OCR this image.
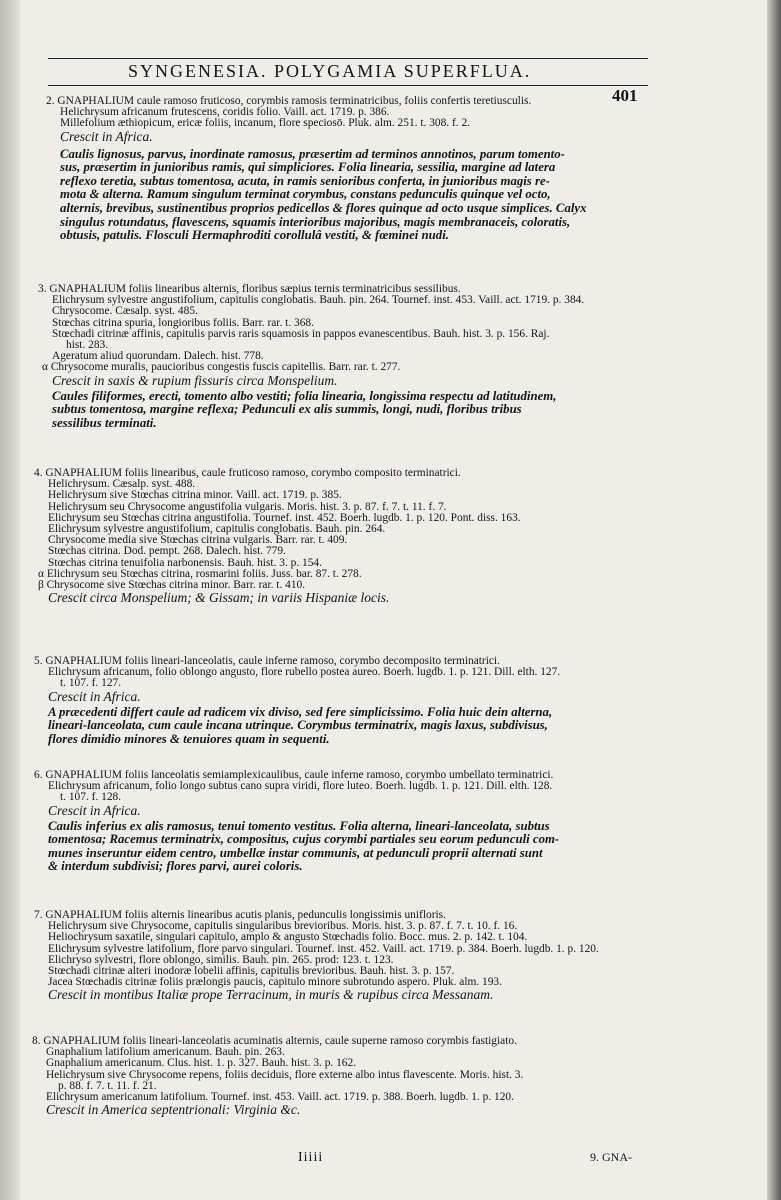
SYNGENESIA. POLYGAMIA SUPERFLUA.
401
2. GNAPHALIUM caule ramoso fruticoso, corymbis ramosis terminatricibus, foliis confertis teretiusculis.
Helichrysum africanum frutescens, coridis folio. Vaill. act. 1719. p. 386.
Millefolium æthiopicum, ericæ foliis, incanum, flore speciosō. Pluk. alm. 251. t. 308. f. 2.
Crescit in Africa.
Caulis lignosus, parvus, inordinate ramosus, præsertim ad terminos annotinos, parum tomento-
sus, præsertim in junioribus ramis, qui simpliciores. Folia linearia, sessilia, margine ad latera
reflexo teretia, subtus tomentosa, acuta, in ramis senioribus conferta, in junioribus magis re-
mota & alterna. Ramum singulum terminat corymbus, constans pedunculis quinque vel octo,
alternis, brevibus, sustinentibus proprios pedicellos & flores quinque ad octo usque simplices. Calyx
singulus rotundatus, flavescens, squamis interioribus majoribus, magis membranaceis, coloratis,
obtusis, patulis. Flosculi Hermaphroditi corollulâ vestiti, & fœminei nudi.
3. GNAPHALIUM foliis linearibus alternis, floribus sæpius ternis terminatricibus sessilibus.
Elichrysum sylvestre angustifolium, capitulis conglobatis. Bauh. pin. 264. Tournef. inst. 453. Vaill. act. 1719. p. 384.
Chrysocome. Cæsalp. syst. 485.
Stœchas citrina spuria, longioribus foliis. Barr. rar. t. 368.
Stœchadi citrinæ affinis, capitulis parvis raris squamosis in pappos evanescentibus. Bauh. hist. 3. p. 156. Raj.
hist. 283.
Ageratum aliud quorundam. Dalech. hist. 778.
α Chrysocome muralis, paucioribus congestis fuscis capitellis. Barr. rar. t. 277.
Crescit in saxis & rupium fissuris circa Monspelium.
Caules filiformes, erecti, tomento albo vestiti; folia linearia, longissima respectu ad latitudinem,
subtus tomentosa, margine reflexa; Pedunculi ex alis summis, longi, nudi, floribus tribus
sessilibus terminati.
4. GNAPHALIUM foliis linearibus, caule fruticoso ramoso, corymbo composito terminatrici.
Helichrysum. Cæsalp. syst. 488.
Helichrysum sive Stœchas citrina minor. Vaill. act. 1719. p. 385.
Helichrysum seu Chrysocome angustifolia vulgaris. Moris. hist. 3. p. 87. f. 7. t. 11. f. 7.
Elichrysum seu Stœchas citrina angustifolia. Tournef. inst. 452. Boerh. lugdb. 1. p. 120. Pont. diss. 163.
Elichrysum sylvestre angustifolium, capitulis conglobatis. Bauh. pin. 264.
Chrysocome media sive Stœchas citrina vulgaris. Barr. rar. t. 409.
Stœchas citrina. Dod. pempt. 268. Dalech. hist. 779.
Stœchas citrina tenuifolia narbonensis. Bauh. hist. 3. p. 154.
α Elichrysum seu Stœchas citrina, rosmarini foliis. Juss. bar. 87. t. 278.
β Chrysocome sive Stœchas citrina minor. Barr. rar. t. 410.
Crescit circa Monspelium; & Gissam; in variis Hispaniæ locis.
5. GNAPHALIUM foliis lineari-lanceolatis, caule inferne ramoso, corymbo decomposito terminatrici.
Elichrysum africanum, folio oblongo angusto, flore rubello postea aureo. Boerh. lugdb. 1. p. 121. Dill. elth. 127.
t. 107. f. 127.
Crescit in Africa.
A præcedenti differt caule ad radicem vix diviso, sed fere simplicissimo. Folia huic dein alterna,
lineari-lanceolata, cum caule incana utrinque. Corymbus terminatrix, magis laxus, subdivisus,
flores dimidio minores & tenuiores quam in sequenti.
6. GNAPHALIUM foliis lanceolatis semiamplexicaulibus, caule inferne ramoso, corymbo umbellato terminatrici.
Elichrysum africanum, folio longo subtus cano supra viridi, flore luteo. Boerh. lugdb. 1. p. 121. Dill. elth. 128.
t. 107. f. 128.
Crescit in Africa.
Caulis inferius ex alis ramosus, tenui tomento vestitus. Folia alterna, lineari-lanceolata, subtus
tomentosa; Racemus terminatrix, compositus, cujus corymbi partiales seu eorum pedunculi com-
munes inseruntur eidem centro, umbellæ instar communis, at pedunculi proprii alternati sunt
& interdum subdivisi; flores parvi, aurei coloris.
7. GNAPHALIUM foliis alternis linearibus acutis planis, pedunculis longissimis unifloris.
Helichrysum sive Chrysocome, capitulis singularibus brevioribus. Moris. hist. 3. p. 87. f. 7. t. 10. f. 16.
Heliochrysum saxatile, singulari capitulo, amplo & angusto Stœchadis folio. Bocc. mus. 2. p. 142. t. 104.
Elichrysum sylvestre latifolium, flore parvo singulari. Tournef. inst. 452. Vaill. act. 1719. p. 384. Boerh. lugdb. 1. p. 120.
Elichryso sylvestri, flore oblongo, similis. Bauh. pin. 265. prod: 123. t. 123.
Stœchadi citrinæ alteri inodoræ lobelii affinis, capitulis brevioribus. Bauh. hist. 3. p. 157.
Jacea Stœchadis citrinæ foliis prælongis paucis, capitulo minore subrotundo aspero. Pluk. alm. 193.
Crescit in montibus Italiæ prope Terracinum, in muris & rupibus circa Messanam.
8. GNAPHALIUM foliis lineari-lanceolatis acuminatis alternis, caule superne ramoso corymbis fastigiato.
Gnaphalium latifolium americanum. Bauh. pin. 263.
Gnaphalium americanum. Clus. hist. 1. p. 327. Bauh. hist. 3. p. 162.
Helichrysum sive Chrysocome repens, foliis deciduis, flore externe albo intus flavescente. Moris. hist. 3.
p. 88. f. 7. t. 11. f. 21.
Elichrysum americanum latifolium. Tournef. inst. 453. Vaill. act. 1719. p. 388. Boerh. lugdb. 1. p. 120.
Crescit in America septentrionali: Virginia &c.
Iiiii	9. GNA-
